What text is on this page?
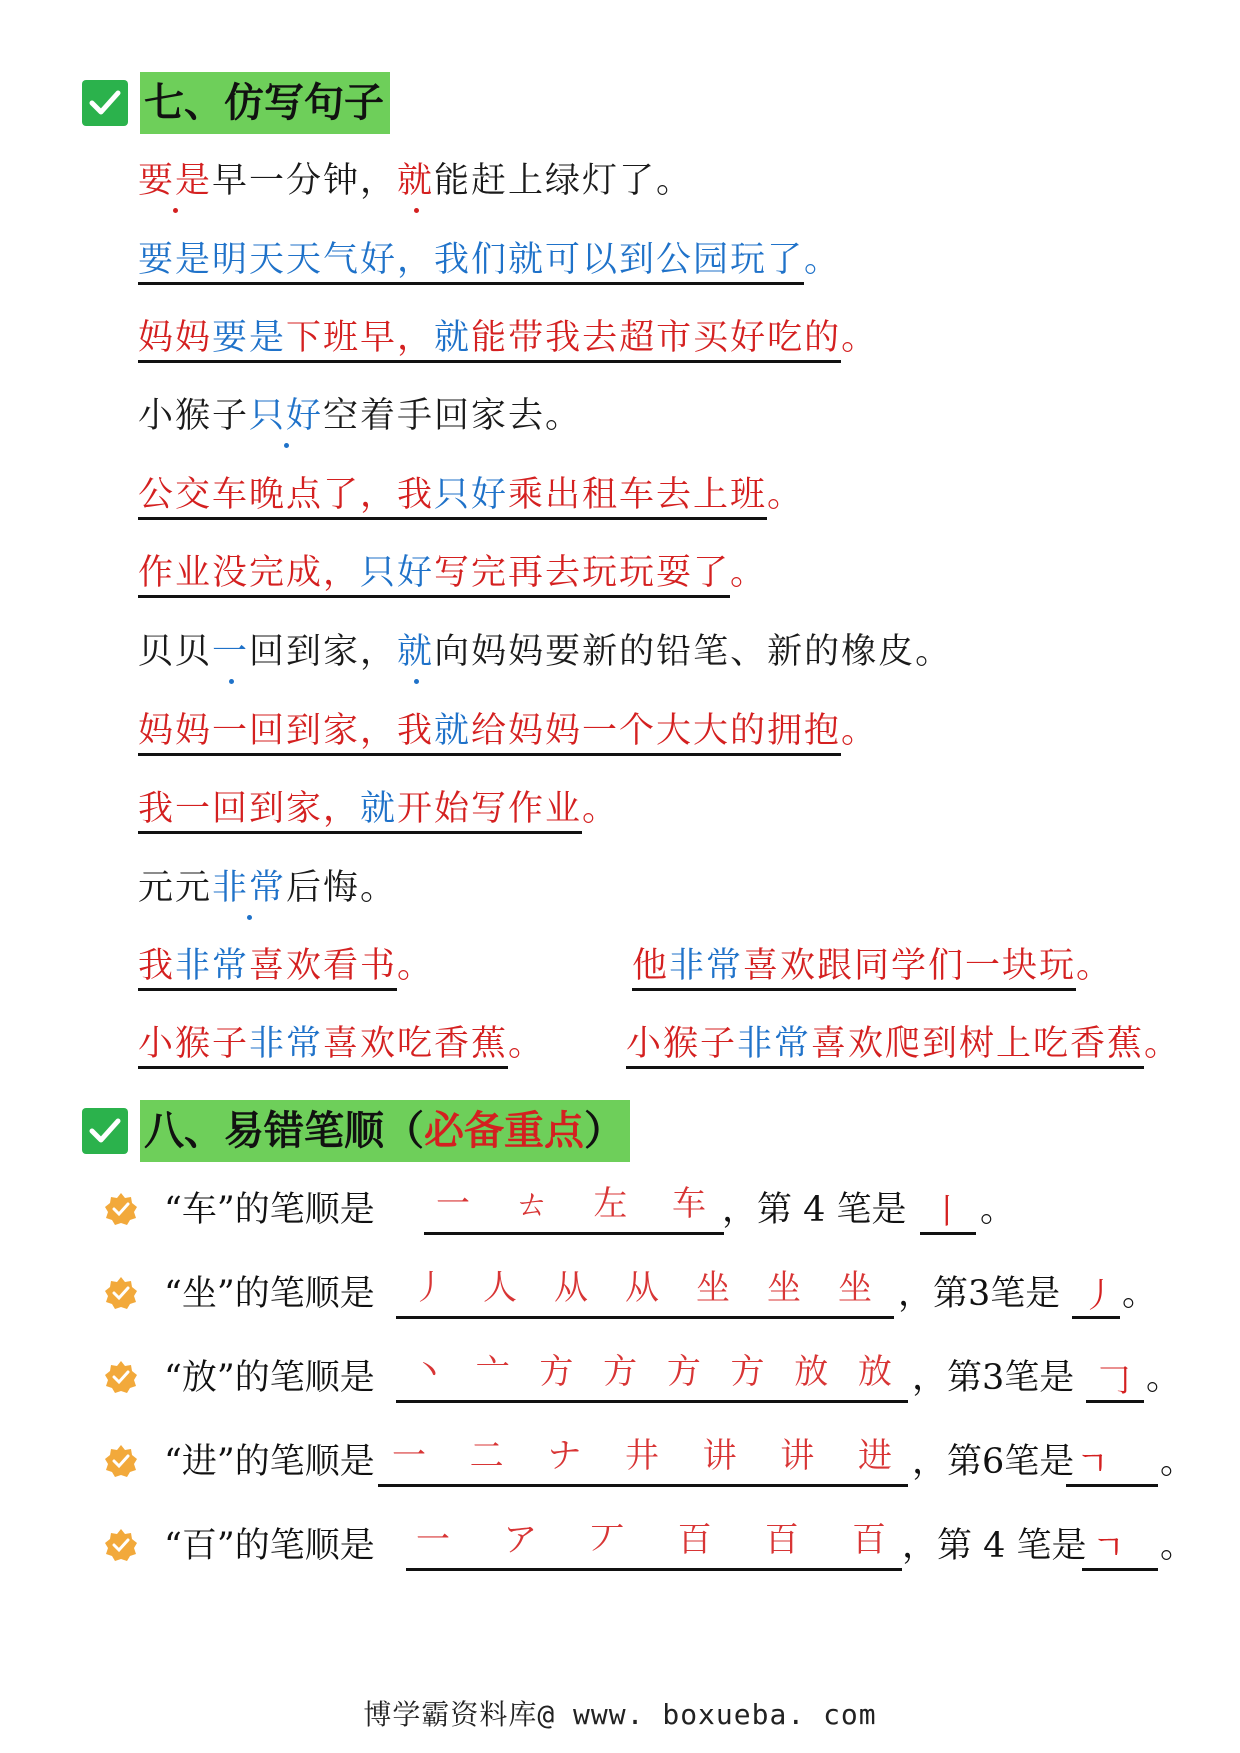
七、仿写句子
要是早一分钟，就能赶上绿灯了。
要是明天天气好，我们就可以到公园玩了。
妈妈要是下班早，就能带我去超市买好吃的。
小猴子只好空着手回家去。
公交车晚点了，我只好乘出租车去上班。
作业没完成，只好写完再去玩玩耍了。
贝贝一回到家，就向妈妈要新的铅笔、新的橡皮。
妈妈一回到家，我就给妈妈一个大大的拥抱。
我一回到家，就开始写作业。
元元非常后悔。
我非常喜欢看书。	他非常喜欢跟同学们一块玩。
小猴子非常喜欢吃香蕉。 小猴子非常喜欢爬到树上吃香蕉。
八、易错笔顺（必备重点）
“车”的笔顺是 一 ㄊ 左 车 ，第 4 笔是 丨 。
“坐”的笔顺是 丿 人 从 从 坐 坐 坐 ，第3笔是 丿 。
“放”的笔顺是 丶 亠 方 方 方 方 放 放 ，第3笔是 𠃌 。
“进”的笔顺是 一 二 ナ 井 讲 讲 进 ，第6笔是 ㄱ 。
“百”的笔顺是 一 ア 丆 百 百 百 ，第 4 笔是 ㄱ 。
博学霸资料库@ www. boxueba. com
